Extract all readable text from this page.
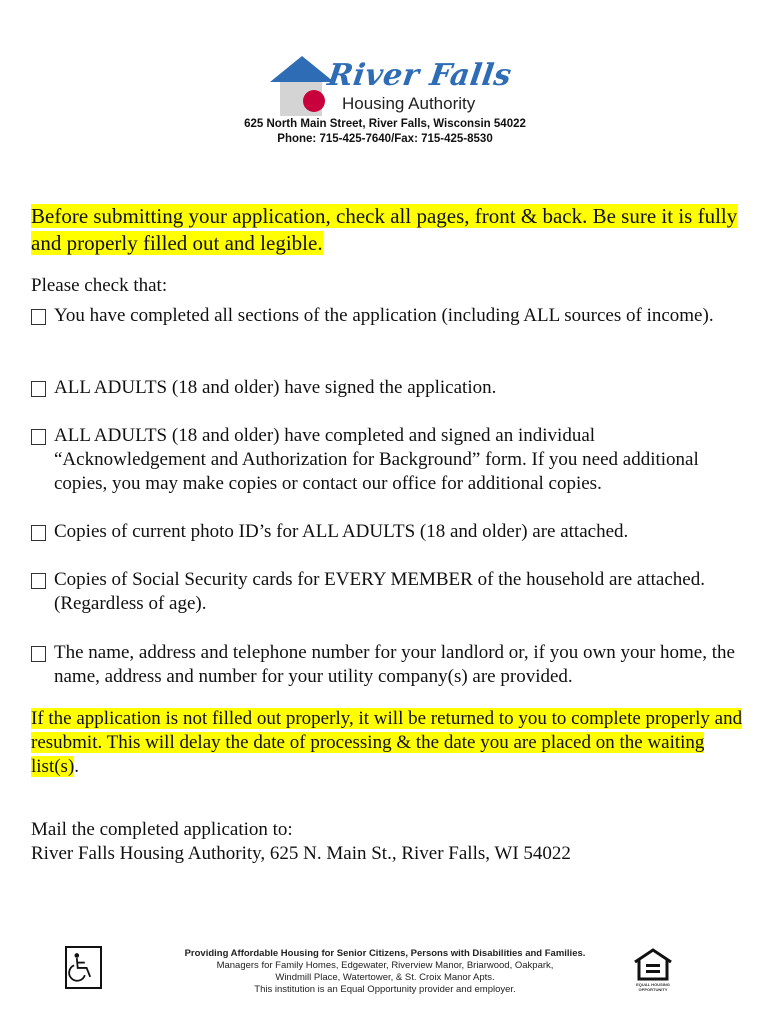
River Falls
Housing Authority
625 North Main Street, River Falls, Wisconsin 54022
Phone: 715-425-7640/Fax: 715-425-8530
Before submitting your application, check all pages, front & back. Be sure it is fully and properly filled out and legible.
Please check that:
You have completed all sections of the application (including ALL sources of income).
ALL ADULTS (18 and older) have signed the application.
ALL ADULTS (18 and older) have completed and signed an individual “Acknowledgement and Authorization for Background” form. If you need additional copies, you may make copies or contact our office for additional copies.
Copies of current photo ID’s for ALL ADULTS (18 and older) are attached.
Copies of Social Security cards for EVERY MEMBER of the household are attached. (Regardless of age).
The name, address and telephone number for your landlord or, if you own your home, the name, address and number for your utility company(s) are provided.
If the application is not filled out properly, it will be returned to you to complete properly and resubmit. This will delay the date of processing & the date you are placed on the waiting list(s).
Mail the completed application to:
River Falls Housing Authority, 625 N. Main St., River Falls, WI 54022
Providing Affordable Housing for Senior Citizens, Persons with Disabilities and Families.
Managers for Family Homes, Edgewater, Riverview Manor, Briarwood, Oakpark,
Windmill Place, Watertower, & St. Croix Manor Apts.
This institution is an Equal Opportunity provider and employer.	EQUAL HOUSING OPPORTUNITY
